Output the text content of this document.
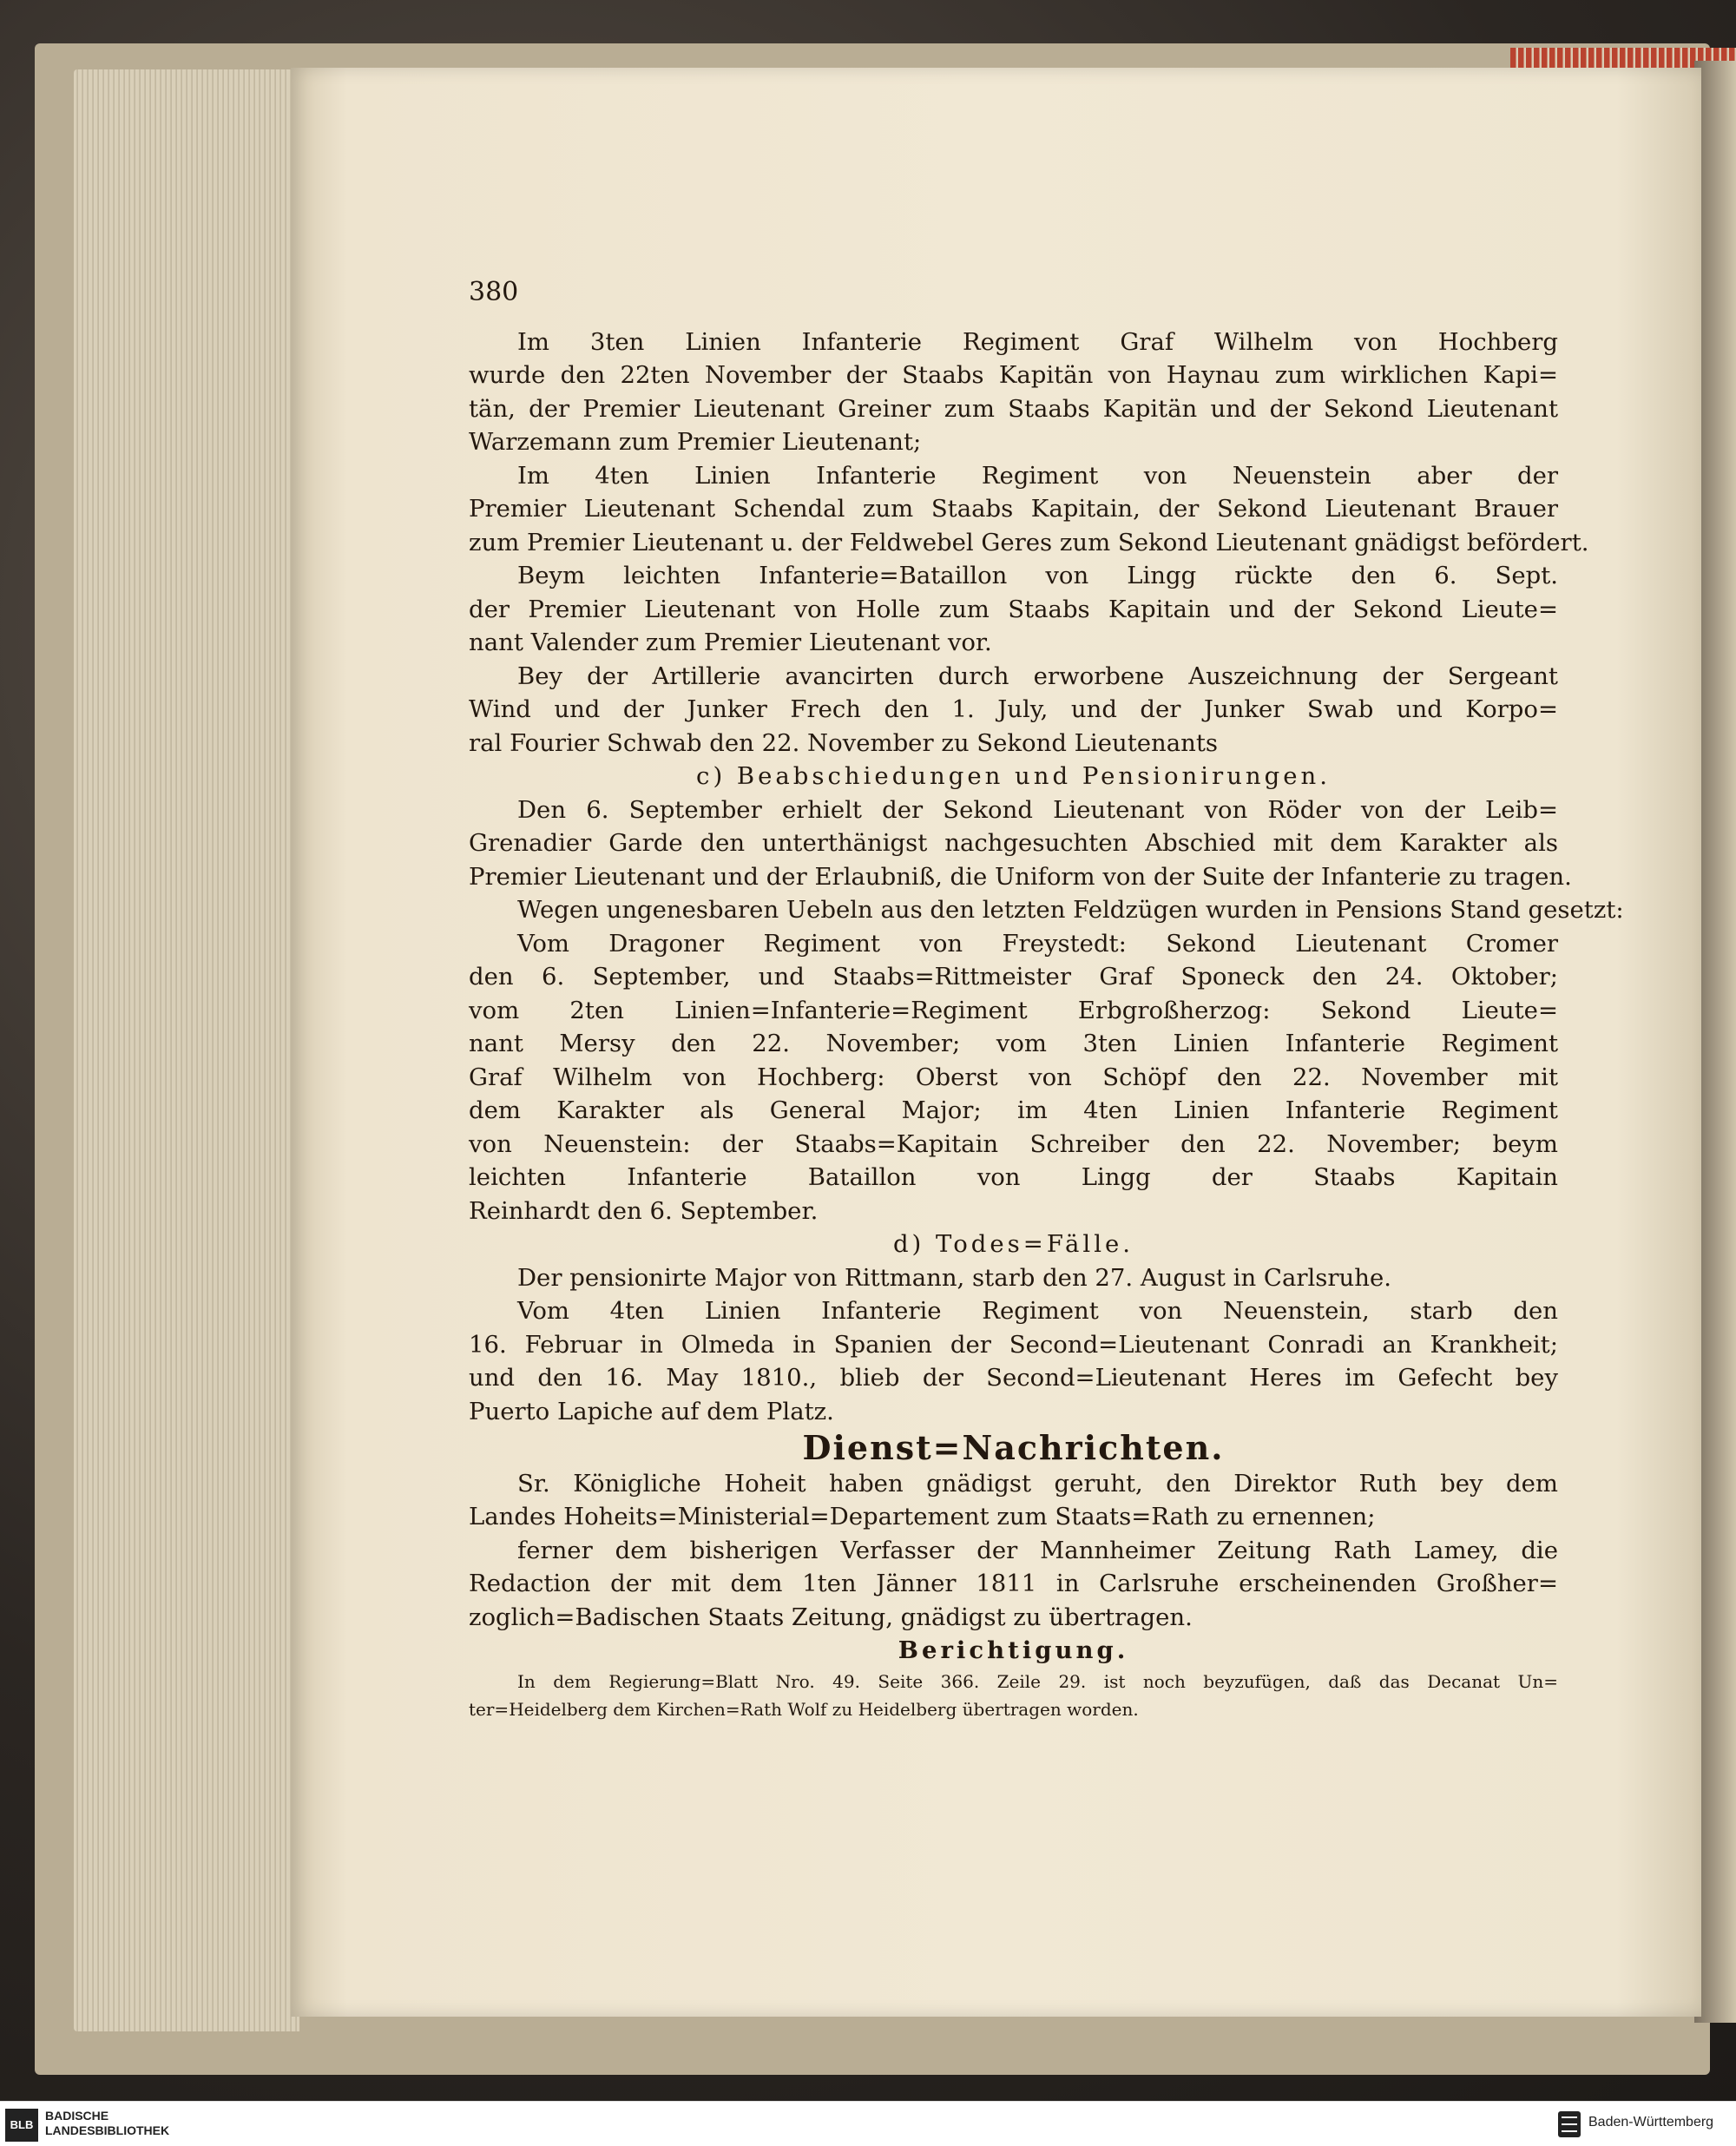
380
Im 3ten Linien Infanterie Regiment Graf Wilhelm von Hochberg
wurde den 22ten November der Staabs Kapitän von Haynau zum wirklichen Kapi=
tän, der Premier Lieutenant Greiner zum Staabs Kapitän und der Sekond Lieutenant
Warzemann zum Premier Lieutenant;
Im 4ten Linien Infanterie Regiment von Neuenstein aber der
Premier Lieutenant Schendal zum Staabs Kapitain, der Sekond Lieutenant Brauer
zum Premier Lieutenant u. der Feldwebel Geres zum Sekond Lieutenant gnädigst befördert.
Beym leichten Infanterie=Bataillon von Lingg rückte den 6. Sept.
der Premier Lieutenant von Holle zum Staabs Kapitain und der Sekond Lieute=
nant Valender zum Premier Lieutenant vor.
Bey der Artillerie avancirten durch erworbene Auszeichnung der Sergeant
Wind und der Junker Frech den 1. July, und der Junker Swab und Korpo=
ral Fourier Schwab den 22. November zu Sekond Lieutenants
c) Beabschiedungen und Pensionirungen.
Den 6. September erhielt der Sekond Lieutenant von Röder von der Leib=
Grenadier Garde den unterthänigst nachgesuchten Abschied mit dem Karakter als
Premier Lieutenant und der Erlaubniß, die Uniform von der Suite der Infanterie zu tragen.
Wegen ungenesbaren Uebeln aus den letzten Feldzügen wurden in Pensions Stand gesetzt:
Vom Dragoner Regiment von Freystedt: Sekond Lieutenant Cromer
den 6. September, und Staabs=Rittmeister Graf Sponeck den 24. Oktober;
vom 2ten Linien=Infanterie=Regiment Erbgroßherzog: Sekond Lieute=
nant Mersy den 22. November; vom 3ten Linien Infanterie Regiment
Graf Wilhelm von Hochberg: Oberst von Schöpf den 22. November mit
dem Karakter als General Major; im 4ten Linien Infanterie Regiment
von Neuenstein: der Staabs=Kapitain Schreiber den 22. November; beym
leichten Infanterie Bataillon von Lingg der Staabs Kapitain
Reinhardt den 6. September.
d) Todes=Fälle.
Der pensionirte Major von Rittmann, starb den 27. August in Carlsruhe.
Vom 4ten Linien Infanterie Regiment von Neuenstein, starb den
16. Februar in Olmeda in Spanien der Second=Lieutenant Conradi an Krankheit;
und den 16. May 1810., blieb der Second=Lieutenant Heres im Gefecht bey
Puerto Lapiche auf dem Platz.
Dienst=Nachrichten.
Sr. Königliche Hoheit haben gnädigst geruht, den Direktor Ruth bey dem
Landes Hoheits=Ministerial=Departement zum Staats=Rath zu ernennen;
ferner dem bisherigen Verfasser der Mannheimer Zeitung Rath Lamey, die
Redaction der mit dem 1ten Jänner 1811 in Carlsruhe erscheinenden Großher=
zoglich=Badischen Staats Zeitung, gnädigst zu übertragen.
Berichtigung.
In dem Regierung=Blatt Nro. 49. Seite 366. Zeile 29. ist noch beyzufügen, daß das Decanat Un=
ter=Heidelberg dem Kirchen=Rath Wolf zu Heidelberg übertragen worden.
BLB
BADISCHE
LANDESBIBLIOTHEK
Baden-Württemberg
